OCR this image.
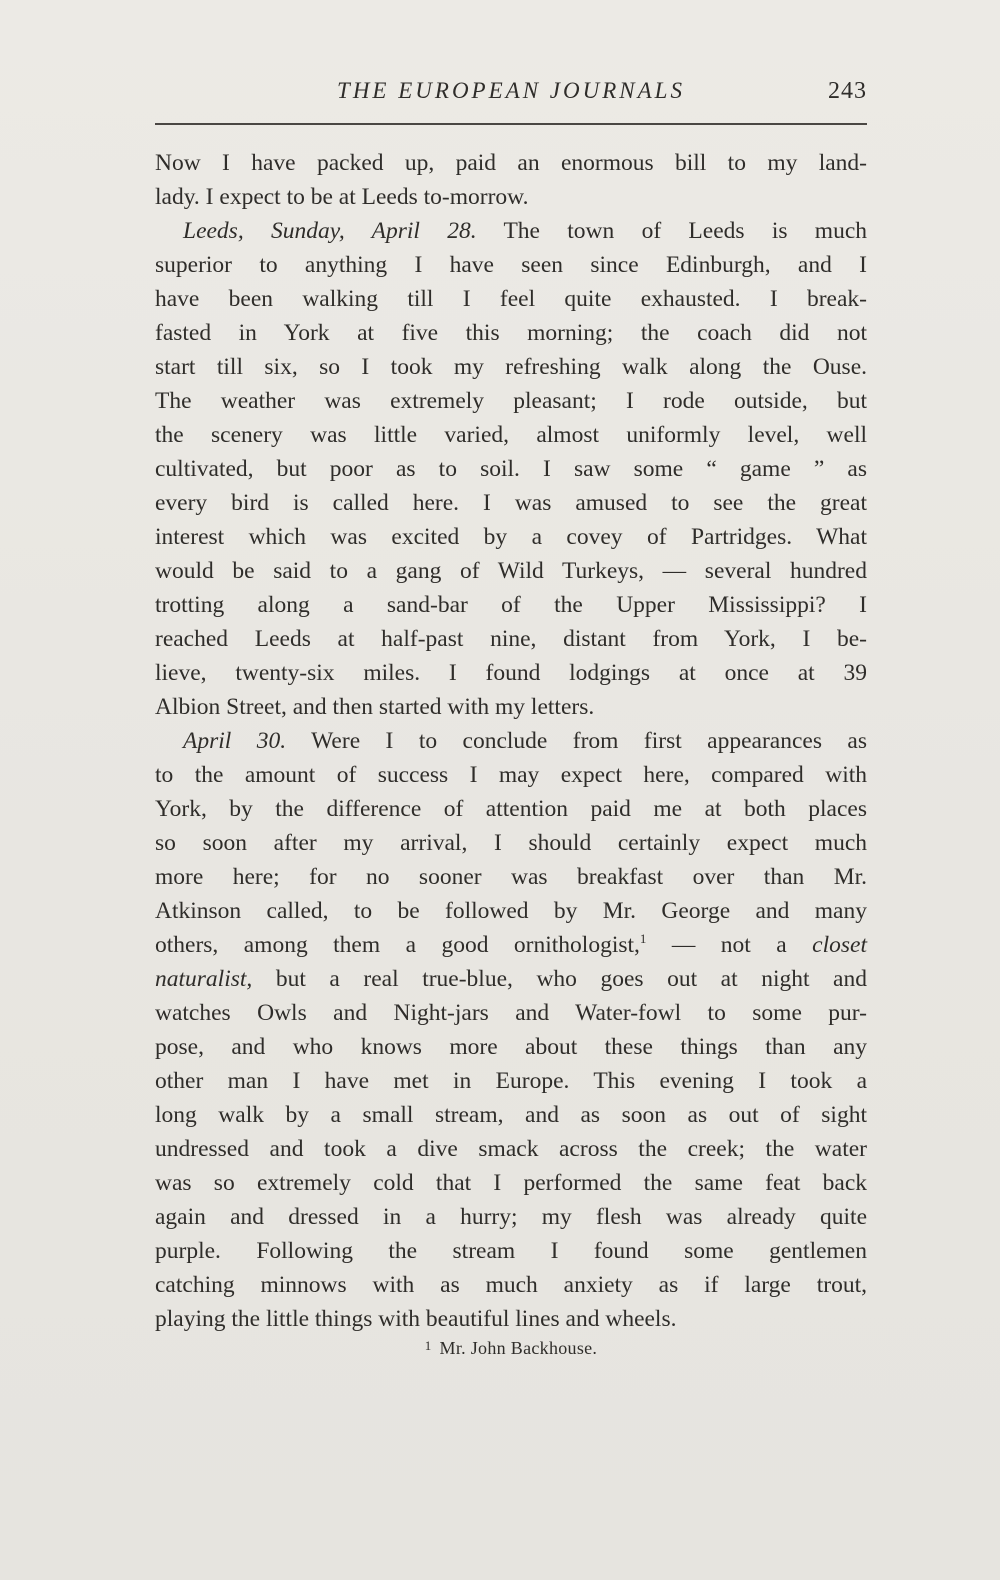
THE EUROPEAN JOURNALS	243
Now I have packed up, paid an enormous bill to my land-
lady. I expect to be at Leeds to-morrow.
Leeds, Sunday, April 28. The town of Leeds is much
superior to anything I have seen since Edinburgh, and I
have been walking till I feel quite exhausted. I break-
fasted in York at five this morning; the coach did not
start till six, so I took my refreshing walk along the Ouse.
The weather was extremely pleasant; I rode outside, but
the scenery was little varied, almost uniformly level, well
cultivated, but poor as to soil. I saw some “ game ” as
every bird is called here. I was amused to see the great
interest which was excited by a covey of Partridges. What
would be said to a gang of Wild Turkeys, — several hundred
trotting along a sand-bar of the Upper Mississippi? I
reached Leeds at half-past nine, distant from York, I be-
lieve, twenty-six miles. I found lodgings at once at 39
Albion Street, and then started with my letters.
April 30. Were I to conclude from first appearances as
to the amount of success I may expect here, compared with
York, by the difference of attention paid me at both places
so soon after my arrival, I should certainly expect much
more here; for no sooner was breakfast over than Mr.
Atkinson called, to be followed by Mr. George and many
others, among them a good ornithologist,$^1$ — not a closet
naturalist, but a real true-blue, who goes out at night and
watches Owls and Night-jars and Water-fowl to some pur-
pose, and who knows more about these things than any
other man I have met in Europe. This evening I took a
long walk by a small stream, and as soon as out of sight
undressed and took a dive smack across the creek; the water
was so extremely cold that I performed the same feat back
again and dressed in a hurry; my flesh was already quite
purple. Following the stream I found some gentlemen
catching minnows with as much anxiety as if large trout,
playing the little things with beautiful lines and wheels.
$^1$ Mr. John Backhouse.
